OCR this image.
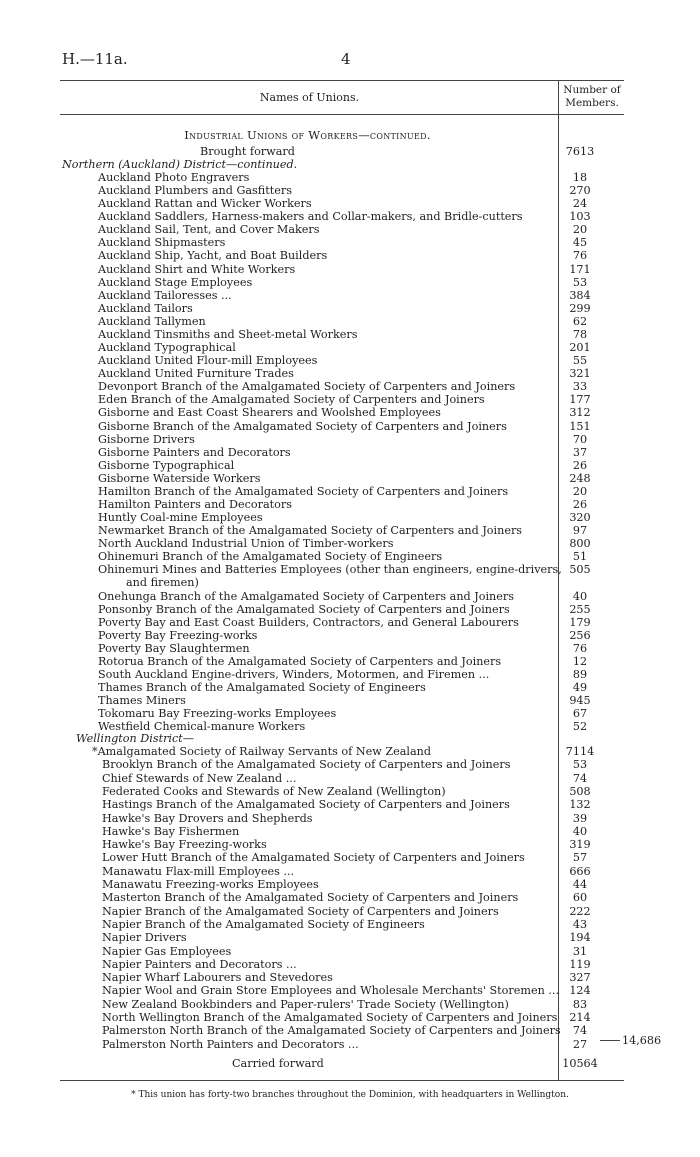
H.—11a.	4
Names of Unions.
Number of Members.
Industrial Unions of Workers—continued.
Brought forward	7613
Northern (Auckland) District—continued.
Auckland Photo Engravers	18
Auckland Plumbers and Gasfitters	270
Auckland Rattan and Wicker Workers	24
Auckland Saddlers, Harness-makers and Collar-makers, and Bridle-cutters	103
Auckland Sail, Tent, and Cover Makers	20
Auckland Shipmasters	45
Auckland Ship, Yacht, and Boat Builders	76
Auckland Shirt and White Workers	171
Auckland Stage Employees	53
Auckland Tailoresses ...	384
Auckland Tailors	299
Auckland Tallymen	62
Auckland Tinsmiths and Sheet-metal Workers	78
Auckland Typographical	201
Auckland United Flour-mill Employees	55
Auckland United Furniture Trades	321
Devonport Branch of the Amalgamated Society of Carpenters and Joiners	33
Eden Branch of the Amalgamated Society of Carpenters and Joiners	177
Gisborne and East Coast Shearers and Woolshed Employees	312
Gisborne Branch of the Amalgamated Society of Carpenters and Joiners	151
Gisborne Drivers	70
Gisborne Painters and Decorators	37
Gisborne Typographical	26
Gisborne Waterside Workers	248
Hamilton Branch of the Amalgamated Society of Carpenters and Joiners	20
Hamilton Painters and Decorators	26
Huntly Coal-mine Employees	320
Newmarket Branch of the Amalgamated Society of Carpenters and Joiners	97
North Auckland Industrial Union of Timber-workers	800
Ohinemuri Branch of the Amalgamated Society of Engineers	51
Ohinemuri Mines and Batteries Employees (other than engineers, engine-drivers, 505
and firemen)
Onehunga Branch of the Amalgamated Society of Carpenters and Joiners	40
Ponsonby Branch of the Amalgamated Society of Carpenters and Joiners	255
Poverty Bay and East Coast Builders, Contractors, and General Labourers	179
Poverty Bay Freezing-works	256
Poverty Bay Slaughtermen	76
Rotorua Branch of the Amalgamated Society of Carpenters and Joiners	12
South Auckland Engine-drivers, Winders, Motormen, and Firemen ...	89
Thames Branch of the Amalgamated Society of Engineers	49
Thames Miners	945
Tokomaru Bay Freezing-works Employees	67
Westfield Chemical-manure Workers	52
14,686
Wellington District—
*Amalgamated Society of Railway Servants of New Zealand	7114
Brooklyn Branch of the Amalgamated Society of Carpenters and Joiners	53
Chief Stewards of New Zealand ...	74
Federated Cooks and Stewards of New Zealand (Wellington)	508
Hastings Branch of the Amalgamated Society of Carpenters and Joiners	132
Hawke's Bay Drovers and Shepherds	39
Hawke's Bay Fishermen	40
Hawke's Bay Freezing-works	319
Lower Hutt Branch of the Amalgamated Society of Carpenters and Joiners	57
Manawatu Flax-mill Employees ...	666
Manawatu Freezing-works Employees	44
Masterton Branch of the Amalgamated Society of Carpenters and Joiners	60
Napier Branch of the Amalgamated Society of Carpenters and Joiners	222
Napier Branch of the Amalgamated Society of Engineers	43
Napier Drivers	194
Napier Gas Employees	31
Napier Painters and Decorators ...	119
Napier Wharf Labourers and Stevedores	327
Napier Wool and Grain Store Employees and Wholesale Merchants' Storemen ... 124
New Zealand Bookbinders and Paper-rulers' Trade Society (Wellington)	83
North Wellington Branch of the Amalgamated Society of Carpenters and Joiners	214
Palmerston North Branch of the Amalgamated Society of Carpenters and Joiners	74
Palmerston North Painters and Decorators ...	27
Carried forward	10564
* This union has forty-two branches throughout the Dominion, with headquarters in Wellington.
